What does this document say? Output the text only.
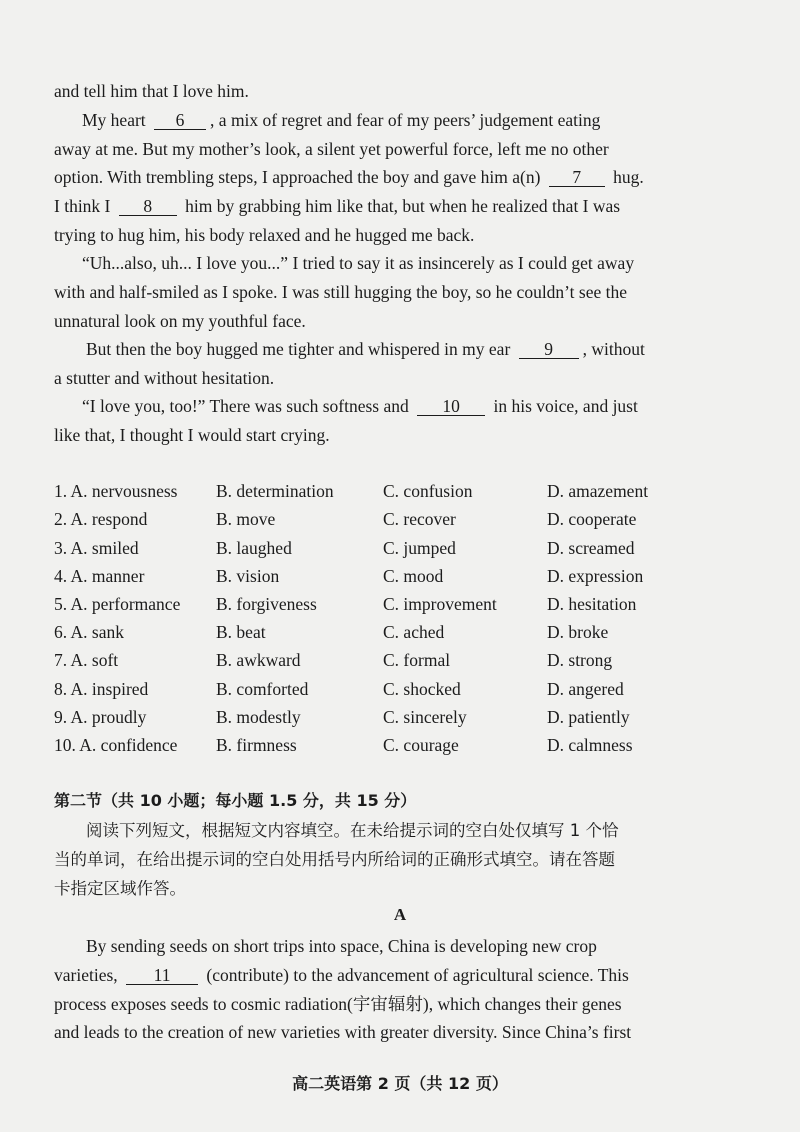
and tell him that I love him.
My heart 6 , a mix of regret and fear of my peers’ judgement eating
away at me. But my mother’s look, a silent yet powerful force, left me no other
option. With trembling steps, I approached the boy and gave him a(n) 7 hug.
I think I 8 him by grabbing him like that, but when he realized that I was
trying to hug him, his body relaxed and he hugged me back.
“Uh...also, uh... I love you...” I tried to say it as insincerely as I could get away
with and half-smiled as I spoke. I was still hugging the boy, so he couldn’t see the
unnatural look on my youthful face.
But then the boy hugged me tighter and whispered in my ear 9 , without
a stutter and without hesitation.
“I love you, too!” There was such softness and 10 in his voice, and just
like that, I thought I would start crying.
1. A. nervousness B. determination	C. confusion	D. amazement
2. A. respond	B. move	C. recover	D. cooperate
3. A. smiled	B. laughed	C. jumped	D. screamed
4. A. manner	B. vision	C. mood	D. expression
5. A. performance B. forgiveness	C. improvement	D. hesitation
6. A. sank	B. beat	C. ached	D. broke
7. A. soft	B. awkward	C. formal	D. strong
8. A. inspired	B. comforted	C. shocked	D. angered
9. A. proudly	B. modestly	C. sincerely	D. patiently
10. A. confidence B. firmness	C. courage	D. calmness
第二节（共 10 小题；每小题 1.5 分，共 15 分）
阅读下列短文，根据短文内容填空。在未给提示词的空白处仅填写 1 个恰
当的单词，在给出提示词的空白处用括号内所给词的正确形式填空。请在答题
卡指定区域作答。
A
By sending seeds on short trips into space, China is developing new crop
varieties, 11 (contribute) to the advancement of agricultural science. This
process exposes seeds to cosmic radiation(宇宙辐射), which changes their genes
and leads to the creation of new varieties with greater diversity. Since China’s first
高二英语第 2 页（共 12 页）
